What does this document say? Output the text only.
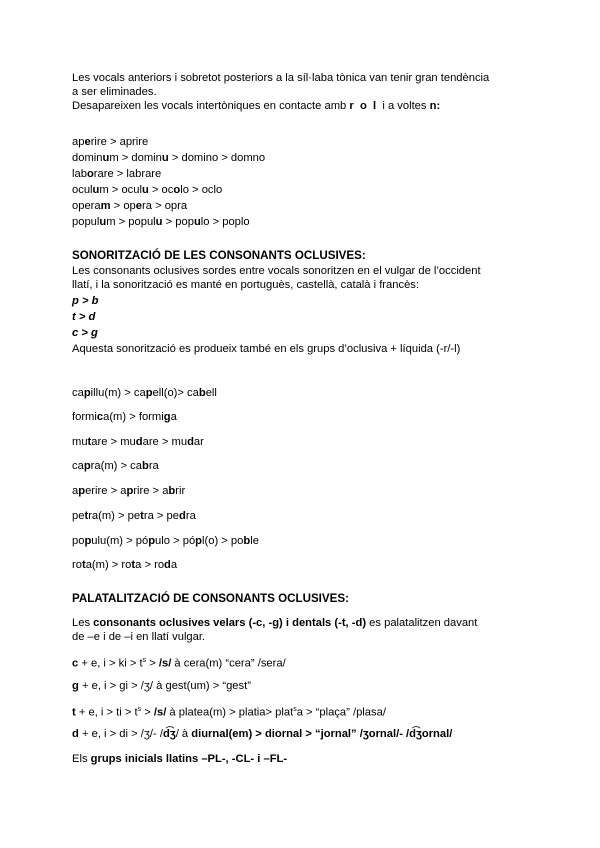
Les vocals anteriors i sobretot posteriors a la síl·laba tònica van tenir gran tendència
a ser eliminades.
Desapareixen les vocals intertòniques en contacte amb r o l i a voltes n:
aperire > aprire
dominum > dominu > domino > domno
laborare > labrare
oculum > oculu > ocolo > oclo
operam > opera > opra
populum > populu > populo > poplo
SONORITZACIÓ DE LES CONSONANTS OCLUSIVES:
Les consonants oclusives sordes entre vocals sonoritzen en el vulgar de l’occident
llatí, i la sonorització es manté en portuguès, castellà, català i francès:
p > b
t > d
c > g
Aquesta sonorització es produeix també en els grups d’oclusiva + líquida (-r/-l)
capillu(m) > capell(o)> cabell
formica(m) > formiga
mutare > mudare > mudar
capra(m) > cabra
aperire > aprire > abrir
petra(m) > petra > pedra
populu(m) > pópulo > pópl(o) > poble
rota(m) > rota > roda
PALATALITZACIÓ DE CONSONANTS OCLUSIVES:
Les consonants oclusives velars (-c, -g) i dentals (-t, -d) es palatalitzen davant
de –e i de –i en llatí vulgar.
c + e, i > ki > $t^s > /s/$ à cera(m) “cera” /sera/
g + e, i > gi > /ʒ/ à gest(um) > “gest”
t + e, i > ti > $t^s > /s/$ à platea(m) > platia> plat$^s$a > “plaça” /plasa/
d + e, i > di > /ʒ/- /d͡ʒ/ à diurnal(em) > diornal > “jornal” /ʒornal/- /d͡ʒornal/
Els grups inicials llatins –PL-, -CL- i –FL-
